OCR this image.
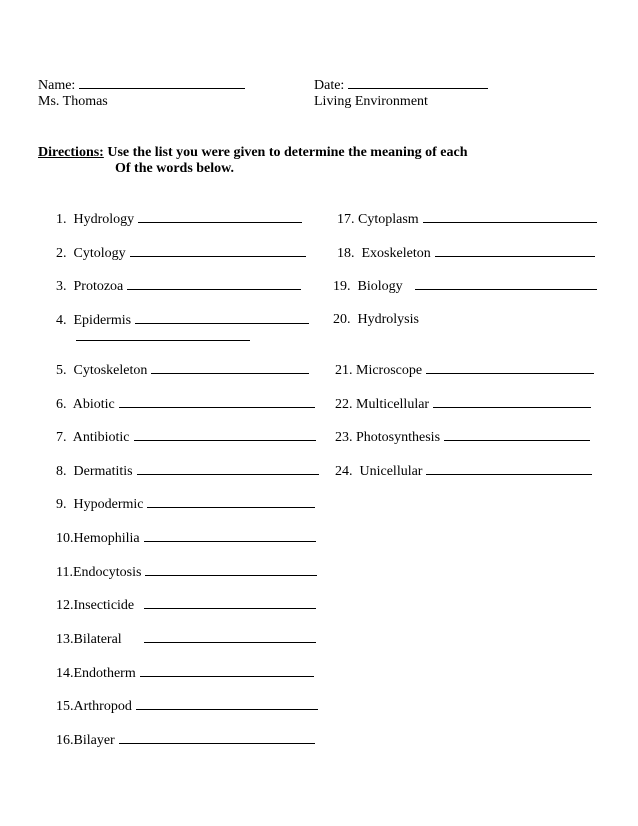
Name:
Ms. Thomas
Date:
Living Environment
Directions: Use the list you were given to determine the meaning of each
Of the words below.
1. Hydrology
2. Cytology
3. Protozoa
4. Epidermis
5. Cytoskeleton
6. Abiotic
7. Antibiotic
8. Dermatitis
9. Hypodermic
10.Hemophilia
11.Endocytosis
12.Insecticide
13.Bilateral
14.Endotherm
15.Arthropod
16.Bilayer
17. Cytoplasm
18. Exoskeleton
19. Biology
20. Hydrolysis
21. Microscope
22. Multicellular
23. Photosynthesis
24. Unicellular
